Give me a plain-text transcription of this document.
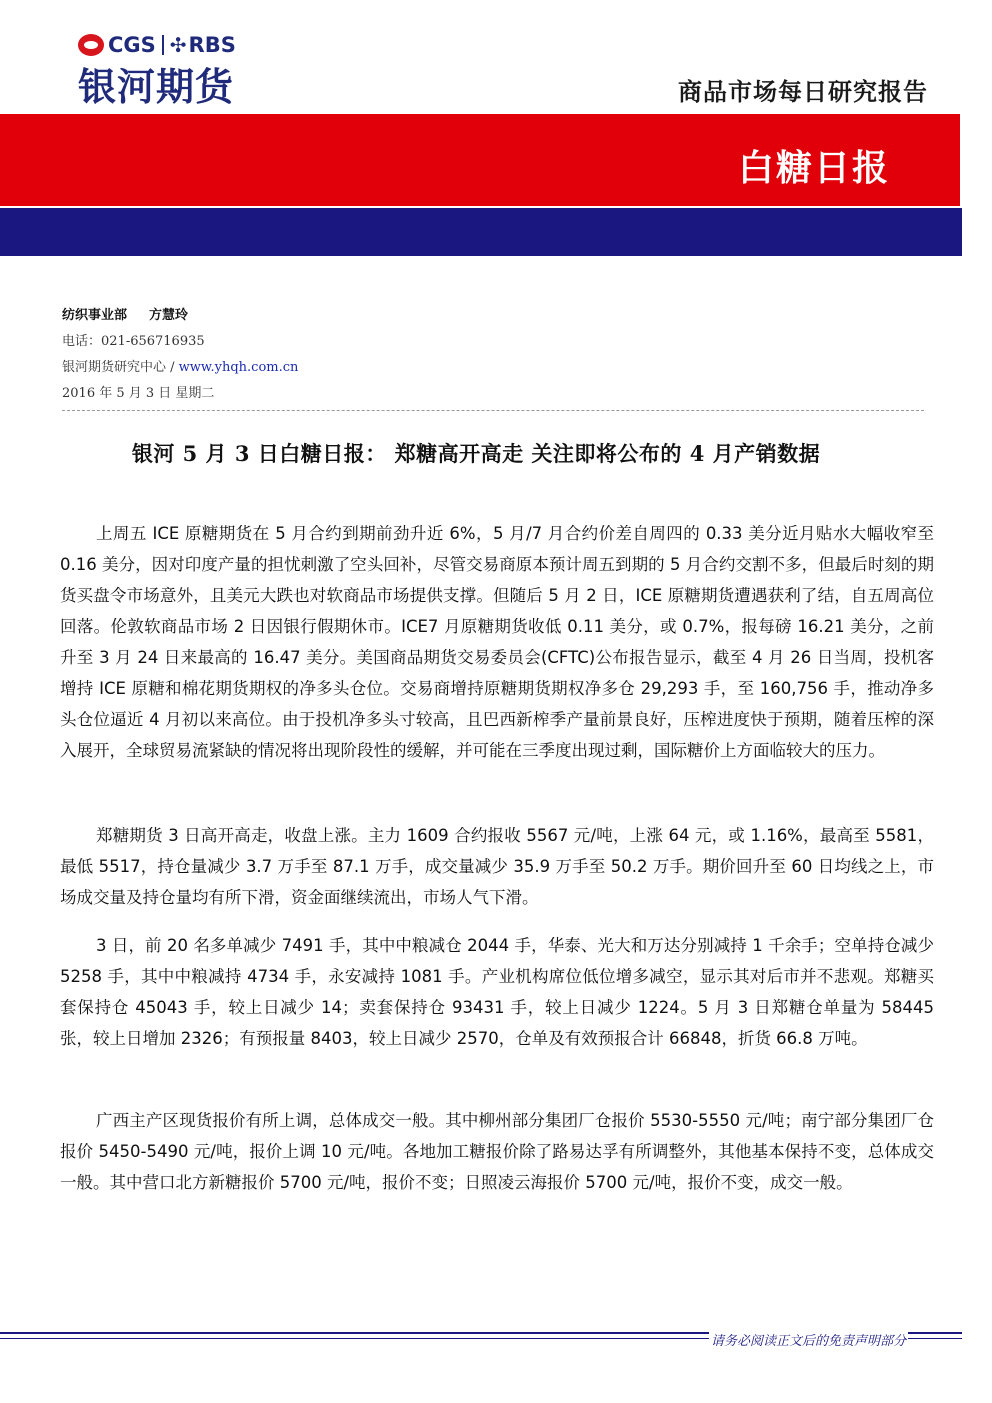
CGS ✣ RBS
银河期货	商品市场每日研究报告
白糖日报
纺织事业部 方慧玲
电话：021-656716935
银河期货研究中心 / www.yhqh.com.cn
2016 年 5 月 3 日 星期二
银河 5 月 3 日白糖日报： 郑糖高开高走 关注即将公布的 4 月产销数据

上周五 ICE 原糖期货在 5 月合约到期前劲升近 6%，5 月/7 月合约价差自周四的 0.33 美分近月贴水大幅收窄至 0.16 美分，因对印度产量的担忧刺激了空头回补，尽管交易商原本预计周五到期的 5 月合约交割不多，但最后时刻的期货买盘令市场意外，且美元大跌也对软商品市场提供支撑。但随后 5 月 2 日，ICE 原糖期货遭遇获利了结，自五周高位回落。伦敦软商品市场 2 日因银行假期休市。ICE7 月原糖期货收低 0.11 美分，或 0.7%，报每磅 16.21 美分，之前升至 3 月 24 日来最高的 16.47 美分。美国商品期货交易委员会(CFTC)公布报告显示，截至 4 月 26 日当周，投机客增持 ICE 原糖和棉花期货期权的净多头仓位。交易商增持原糖期货期权净多仓 29,293 手，至 160,756 手，推动净多头仓位逼近 4 月初以来高位。由于投机净多头寸较高，且巴西新榨季产量前景良好，压榨进度快于预期，随着压榨的深入展开，全球贸易流紧缺的情况将出现阶段性的缓解，并可能在三季度出现过剩，国际糖价上方面临较大的压力。

郑糖期货 3 日高开高走，收盘上涨。主力 1609 合约报收 5567 元/吨，上涨 64 元，或 1.16%，最高至 5581，最低 5517，持仓量减少 3.7 万手至 87.1 万手，成交量减少 35.9 万手至 50.2 万手。期价回升至 60 日均线之上，市场成交量及持仓量均有所下滑，资金面继续流出，市场人气下滑。

3 日，前 20 名多单减少 7491 手，其中中粮减仓 2044 手，华泰、光大和万达分别减持 1 千余手；空单持仓减少 5258 手，其中中粮减持 4734 手，永安减持 1081 手。产业机构席位低位增多减空，显示其对后市并不悲观。郑糖买套保持仓 45043 手，较上日减少 14；卖套保持仓 93431 手，较上日减少 1224。5 月 3 日郑糖仓单量为 58445 张，较上日增加 2326；有预报量 8403，较上日减少 2570，仓单及有效预报合计 66848，折货 66.8 万吨。

广西主产区现货报价有所上调，总体成交一般。其中柳州部分集团厂仓报价 5530-5550 元/吨；南宁部分集团厂仓报价 5450-5490 元/吨，报价上调 10 元/吨。各地加工糖报价除了路易达孚有所调整外，其他基本保持不变，总体成交一般。其中营口北方新糖报价 5700 元/吨，报价不变；日照凌云海报价 5700 元/吨，报价不变，成交一般。

请务必阅读正文后的免责声明部分
